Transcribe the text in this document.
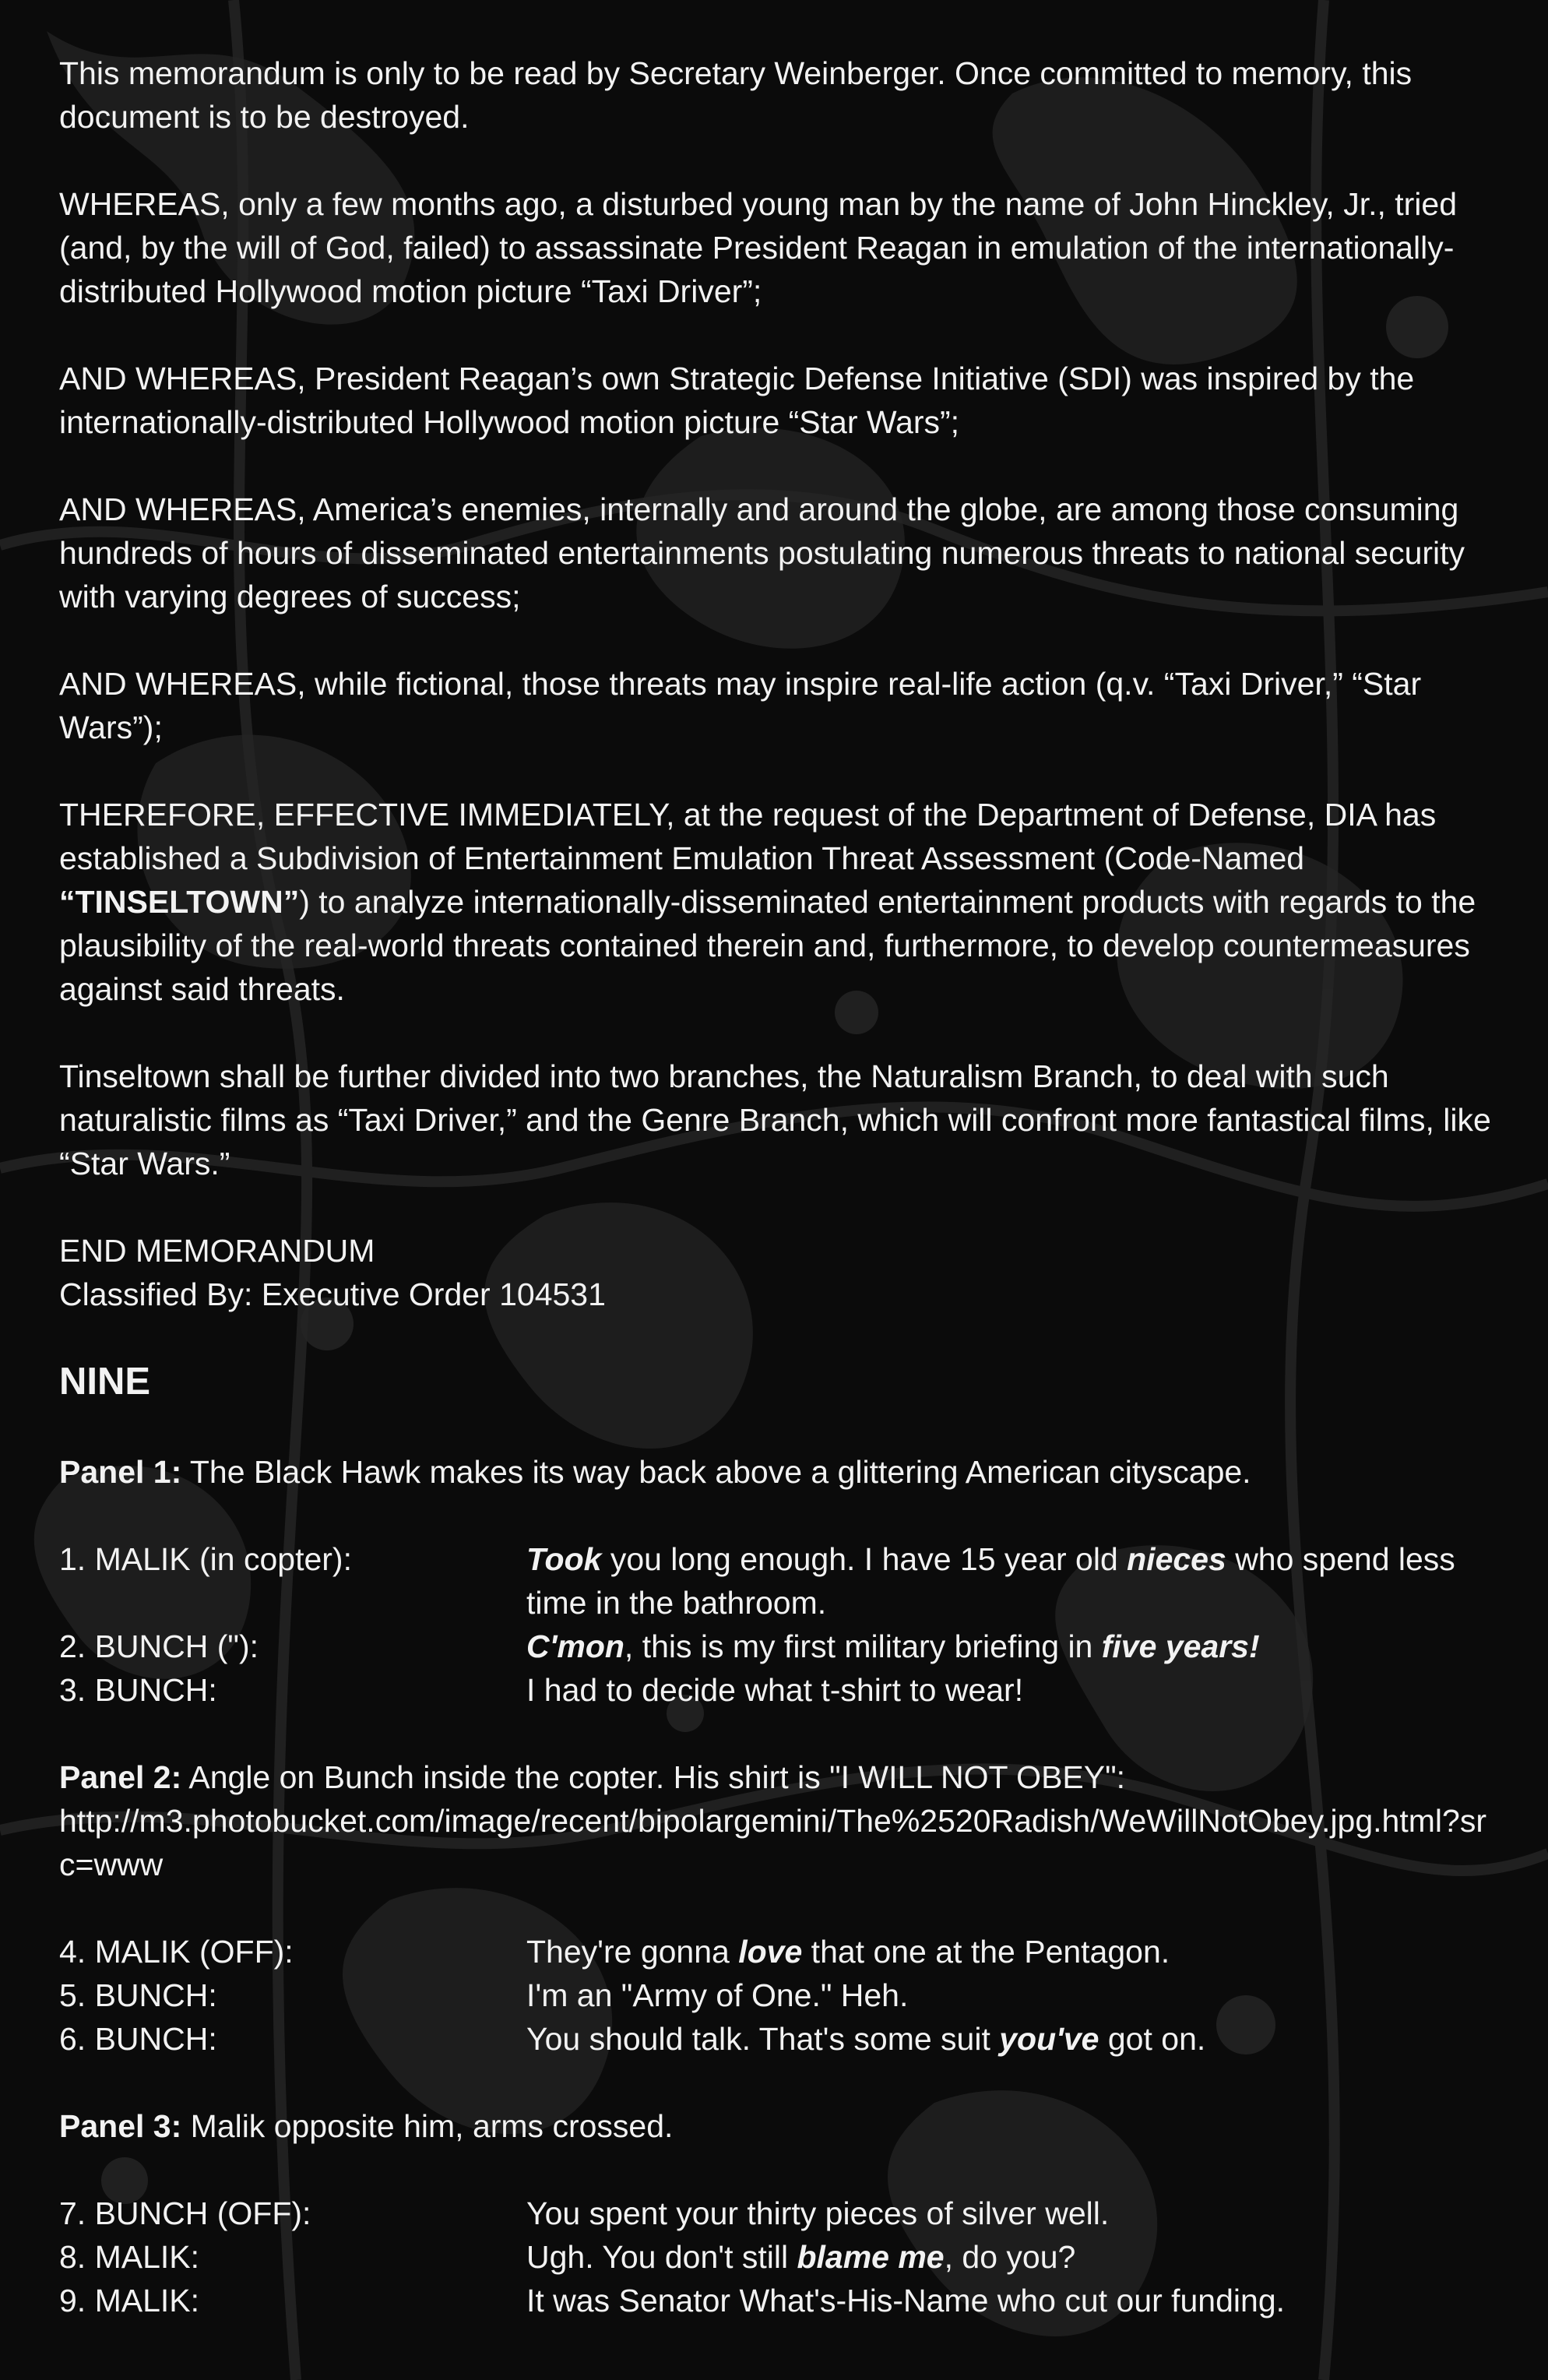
This memorandum is only to be read by Secretary Weinberger. Once committed to memory, this document is to be destroyed.

WHEREAS, only a few months ago, a disturbed young man by the name of John Hinckley, Jr., tried (and, by the will of God, failed) to assassinate President Reagan in emulation of the internationally-distributed Hollywood motion picture “Taxi Driver”;

AND WHEREAS, President Reagan’s own Strategic Defense Initiative (SDI) was inspired by the internationally-distributed Hollywood motion picture “Star Wars”;

AND WHEREAS, America’s enemies, internally and around the globe, are among those consuming hundreds of hours of disseminated entertainments postulating numerous threats to national security with varying degrees of success;

AND WHEREAS, while fictional, those threats may inspire real-life action (q.v. “Taxi Driver,” “Star Wars”);

THEREFORE, EFFECTIVE IMMEDIATELY, at the request of the Department of Defense, DIA has established a Subdivision of Entertainment Emulation Threat Assessment (Code-Named “TINSELTOWN”) to analyze internationally-disseminated entertainment products with regards to the plausibility of the real-world threats contained therein and, furthermore, to develop countermeasures against said threats.

Tinseltown shall be further divided into two branches, the Naturalism Branch, to deal with such naturalistic films as “Taxi Driver,” and the Genre Branch, which will confront more fantastical films, like “Star Wars.”

END MEMORANDUM
Classified By: Executive Order 104531
NINE

Panel 1: The Black Hawk makes its way back above a glittering American cityscape.

1. MALIK (in copter):	Took you long enough. I have 15 year old nieces who spend less time in the bathroom.
2. BUNCH ("):	C'mon, this is my first military briefing in five years!
3. BUNCH:	I had to decide what t-shirt to wear!

Panel 2: Angle on Bunch inside the copter. His shirt is "I WILL NOT OBEY":
http://m3.photobucket.com/image/recent/bipolargemini/The%2520Radish/WeWillNotObey.jpg.html?src=www

4. MALIK (OFF):	They're gonna love that one at the Pentagon.
5. BUNCH:	I'm an "Army of One." Heh.
6. BUNCH:	You should talk. That's some suit you've got on.

Panel 3: Malik opposite him, arms crossed.

7. BUNCH (OFF):	You spent your thirty pieces of silver well.
8. MALIK:	Ugh. You don't still blame me, do you?
9. MALIK:	It was Senator What's-His-Name who cut our funding.
